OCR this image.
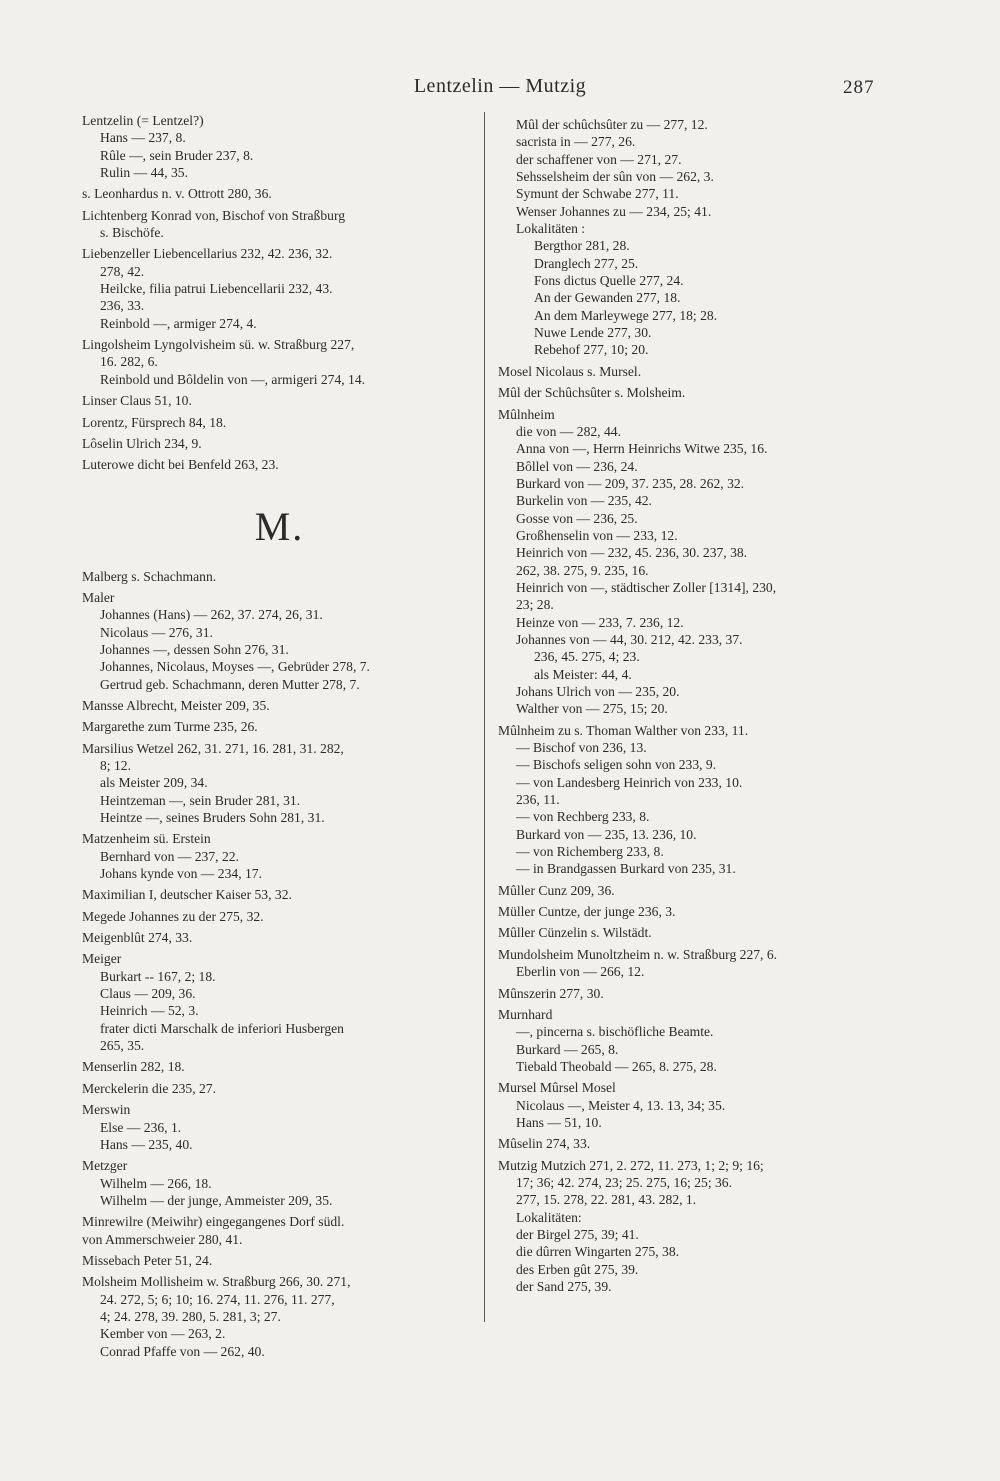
Lentzelin — Mutzig	287
Lentzelin (= Lentzel?)
Hans — 237, 8.
Rûle —, sein Bruder 237, 8.
Rulin — 44, 35.
s. Leonhardus n. v. Ottrott 280, 36.
Lichtenberg Konrad von, Bischof von Straßburg
s. Bischöfe.
Liebenzeller Liebencellarius 232, 42. 236, 32.
278, 42.
Heilcke, filia patrui Liebencellarii 232, 43.
236, 33.
Reinbold —, armiger 274, 4.
Lingolsheim Lyngolvisheim sü. w. Straßburg 227,
16. 282, 6.
Reinbold und Bôldelin von —, armigeri 274, 14.
Linser Claus 51, 10.
Lorentz, Fürsprech 84, 18.
Lôselin Ulrich 234, 9.
Luterowe dicht bei Benfeld 263, 23.
M.
Malberg s. Schachmann.
Maler
Johannes (Hans) — 262, 37. 274, 26, 31.
Nicolaus — 276, 31.
Johannes —, dessen Sohn 276, 31.
Johannes, Nicolaus, Moyses —, Gebrüder 278, 7.
Gertrud geb. Schachmann, deren Mutter 278, 7.
Mansse Albrecht, Meister 209, 35.
Margarethe zum Turme 235, 26.
Marsilius Wetzel 262, 31. 271, 16. 281, 31. 282,
8; 12.
als Meister 209, 34.
Heintzeman —, sein Bruder 281, 31.
Heintze —, seines Bruders Sohn 281, 31.
Matzenheim sü. Erstein
Bernhard von — 237, 22.
Johans kynde von — 234, 17.
Maximilian I, deutscher Kaiser 53, 32.
Megede Johannes zu der 275, 32.
Meigenblût 274, 33.
Meiger
Burkart -- 167, 2; 18.
Claus — 209, 36.
Heinrich — 52, 3.
frater dicti Marschalk de inferiori Husbergen
265, 35.
Menserlin 282, 18.
Merckelerin die 235, 27.
Merswin
Else — 236, 1.
Hans — 235, 40.
Metzger
Wilhelm — 266, 18.
Wilhelm — der junge, Ammeister 209, 35.
Minrewilre (Meiwihr) eingegangenes Dorf südl.
von Ammerschweier 280, 41.
Missebach Peter 51, 24.
Molsheim Mollisheim w. Straßburg 266, 30. 271,
24. 272, 5; 6; 10; 16. 274, 11. 276, 11. 277,
4; 24. 278, 39. 280, 5. 281, 3; 27.
Kember von — 263, 2.
Conrad Pfaffe von — 262, 40.
Mûl der schûchsûter zu — 277, 12.
sacrista in — 277, 26.
der schaffener von — 271, 27.
Sehsselsheim der sûn von — 262, 3.
Symunt der Schwabe 277, 11.
Wenser Johannes zu — 234, 25; 41.
Lokalitäten :
Bergthor 281, 28.
Dranglech 277, 25.
Fons dictus Quelle 277, 24.
An der Gewanden 277, 18.
An dem Marleywege 277, 18; 28.
Nuwe Lende 277, 30.
Rebehof 277, 10; 20.
Mosel Nicolaus s. Mursel.
Mûl der Schûchsûter s. Molsheim.
Mûlnheim
die von — 282, 44.
Anna von —, Herrn Heinrichs Witwe 235, 16.
Bôllel von — 236, 24.
Burkard von — 209, 37. 235, 28. 262, 32.
Burkelin von — 235, 42.
Gosse von — 236, 25.
Großhenselin von — 233, 12.
Heinrich von — 232, 45. 236, 30. 237, 38.
262, 38. 275, 9. 235, 16.
Heinrich von —, städtischer Zoller [1314], 230,
23; 28.
Heinze von — 233, 7. 236, 12.
Johannes von — 44, 30. 212, 42. 233, 37.
236, 45. 275, 4; 23.
als Meister: 44, 4.
Johans Ulrich von — 235, 20.
Walther von — 275, 15; 20.
Mûlnheim zu s. Thoman Walther von 233, 11.
— Bischof von 236, 13.
— Bischofs seligen sohn von 233, 9.
— von Landesberg Heinrich von 233, 10.
236, 11.
— von Rechberg 233, 8.
Burkard von — 235, 13. 236, 10.
— von Richemberg 233, 8.
— in Brandgassen Burkard von 235, 31.
Mûller Cunz 209, 36.
Müller Cuntze, der junge 236, 3.
Mûller Cünzelin s. Wilstädt.
Mundolsheim Munoltzheim n. w. Straßburg 227, 6.
Eberlin von — 266, 12.
Mûnszerin 277, 30.
Murnhard
—, pincerna s. bischöfliche Beamte.
Burkard — 265, 8.
Tiebald Theobald — 265, 8. 275, 28.
Mursel Mûrsel Mosel
Nicolaus —, Meister 4, 13. 13, 34; 35.
Hans — 51, 10.
Mûselin 274, 33.
Mutzig Mutzich 271, 2. 272, 11. 273, 1; 2; 9; 16;
17; 36; 42. 274, 23; 25. 275, 16; 25; 36.
277, 15. 278, 22. 281, 43. 282, 1.
Lokalitäten:
der Birgel 275, 39; 41.
die dûrren Wingarten 275, 38.
des Erben gût 275, 39.
der Sand 275, 39.
